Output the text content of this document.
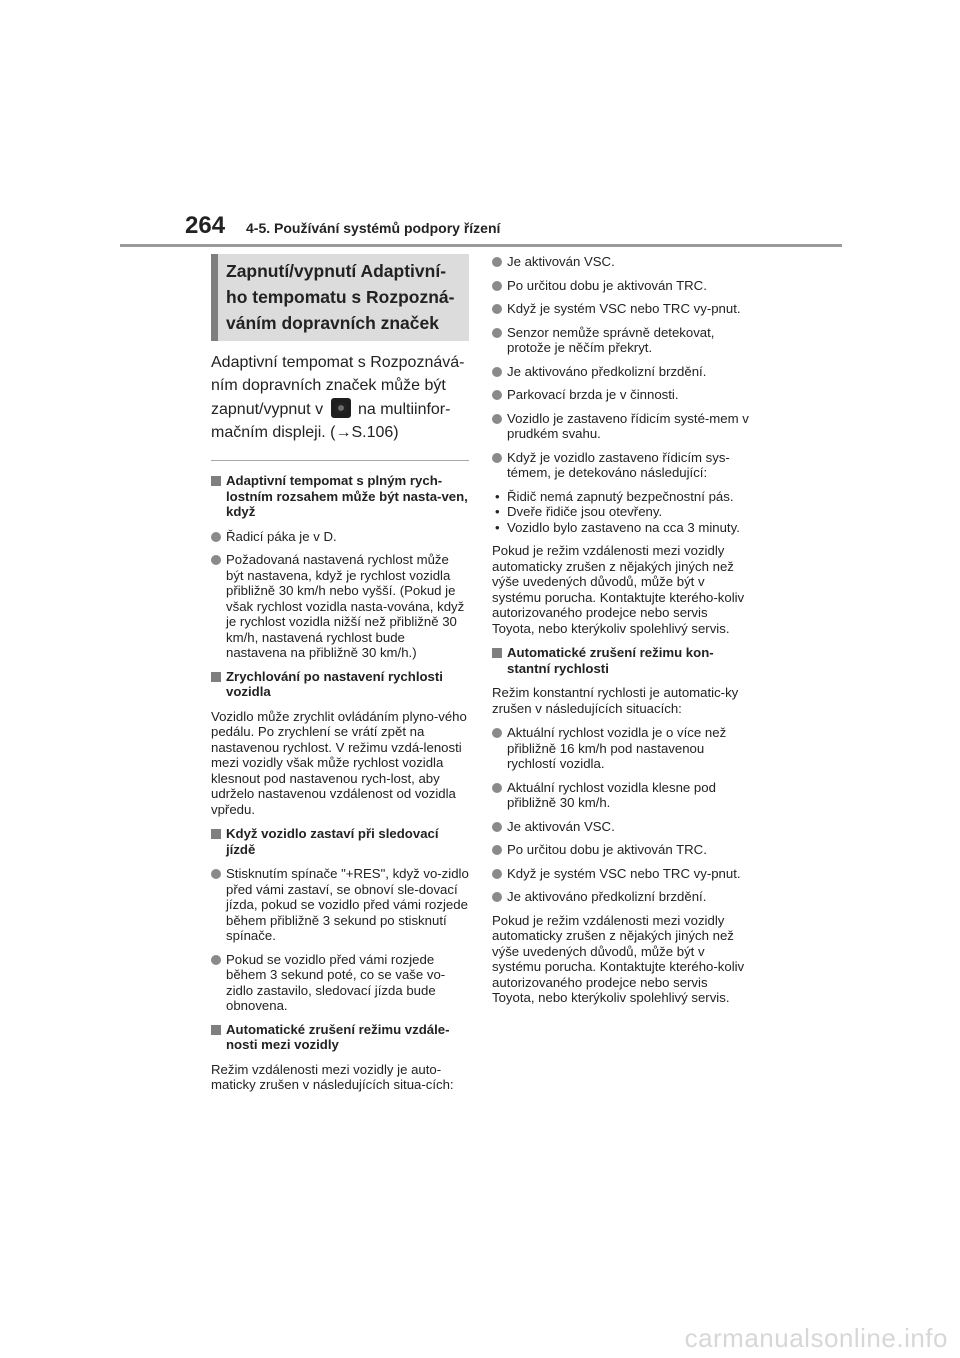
264 4-5. Používání systémů podpory řízení
Zapnutí/vypnutí Adaptivní-
ho tempomatu s Rozpozná-
váním dopravních značek

Adaptivní tempomat s Rozpoznává-ním dopravních značek může být zapnut/vypnut v na multiinfor-mačním displeji. (→S.106)

Adaptivní tempomat s plným rych-lostním rozsahem může být nasta-ven, když
Řadicí páka je v D.
Požadovaná nastavená rychlost může být nastavena, když je rychlost vozidla přibližně 30 km/h nebo vyšší. (Pokud je však rychlost vozidla nasta-vována, když je rychlost vozidla nižší než přibližně 30 km/h, nastavená rychlost bude nastavena na přibližně 30 km/h.)
Zrychlování po nastavení rychlosti vozidla
Vozidlo může zrychlit ovládáním plyno-vého pedálu. Po zrychlení se vrátí zpět na nastavenou rychlost. V režimu vzdá-lenosti mezi vozidly však může rychlost vozidla klesnout pod nastavenou rych-lost, aby udrželo nastavenou vzdálenost od vozidla vpředu.
Když vozidlo zastaví při sledovací jízdě
Stisknutím spínače "+RES", když vo-zidlo před vámi zastaví, se obnoví sle-dovací jízda, pokud se vozidlo před vámi rozjede během přibližně 3 sekund po stisknutí spínače.
Pokud se vozidlo před vámi rozjede během 3 sekund poté, co se vaše vo-zidlo zastavilo, sledovací jízda bude obnovena.
Automatické zrušení režimu vzdále-nosti mezi vozidly
Režim vzdálenosti mezi vozidly je auto-maticky zrušen v následujících situa-cích:
Je aktivován VSC.
Po určitou dobu je aktivován TRC.
Když je systém VSC nebo TRC vy-pnut.
Senzor nemůže správně detekovat, protože je něčím překryt.
Je aktivováno předkolizní brzdění.
Parkovací brzda je v činnosti.
Vozidlo je zastaveno řídicím systé-mem v prudkém svahu.
Když je vozidlo zastaveno řídicím sys-témem, je detekováno následující:
• Řidič nemá zapnutý bezpečnostní pás.
• Dveře řidiče jsou otevřeny.
• Vozidlo bylo zastaveno na cca 3 minuty.
Pokud je režim vzdálenosti mezi vozidly automaticky zrušen z nějakých jiných než výše uvedených důvodů, může být v systému porucha. Kontaktujte kterého-koliv autorizovaného prodejce nebo servis Toyota, nebo kterýkoliv spolehlivý servis.
Automatické zrušení režimu kon-stantní rychlosti
Režim konstantní rychlosti je automatic-ky zrušen v následujících situacích:
Aktuální rychlost vozidla je o více než přibližně 16 km/h pod nastavenou rychlostí vozidla.
Aktuální rychlost vozidla klesne pod přibližně 30 km/h.
Je aktivován VSC.
Po určitou dobu je aktivován TRC.
Když je systém VSC nebo TRC vy-pnut.
Je aktivováno předkolizní brzdění.
Pokud je režim vzdálenosti mezi vozidly automaticky zrušen z nějakých jiných než výše uvedených důvodů, může být v systému porucha. Kontaktujte kterého-koliv autorizovaného prodejce nebo servis Toyota, nebo kterýkoliv spolehlivý servis.
carmanualsonline.info
